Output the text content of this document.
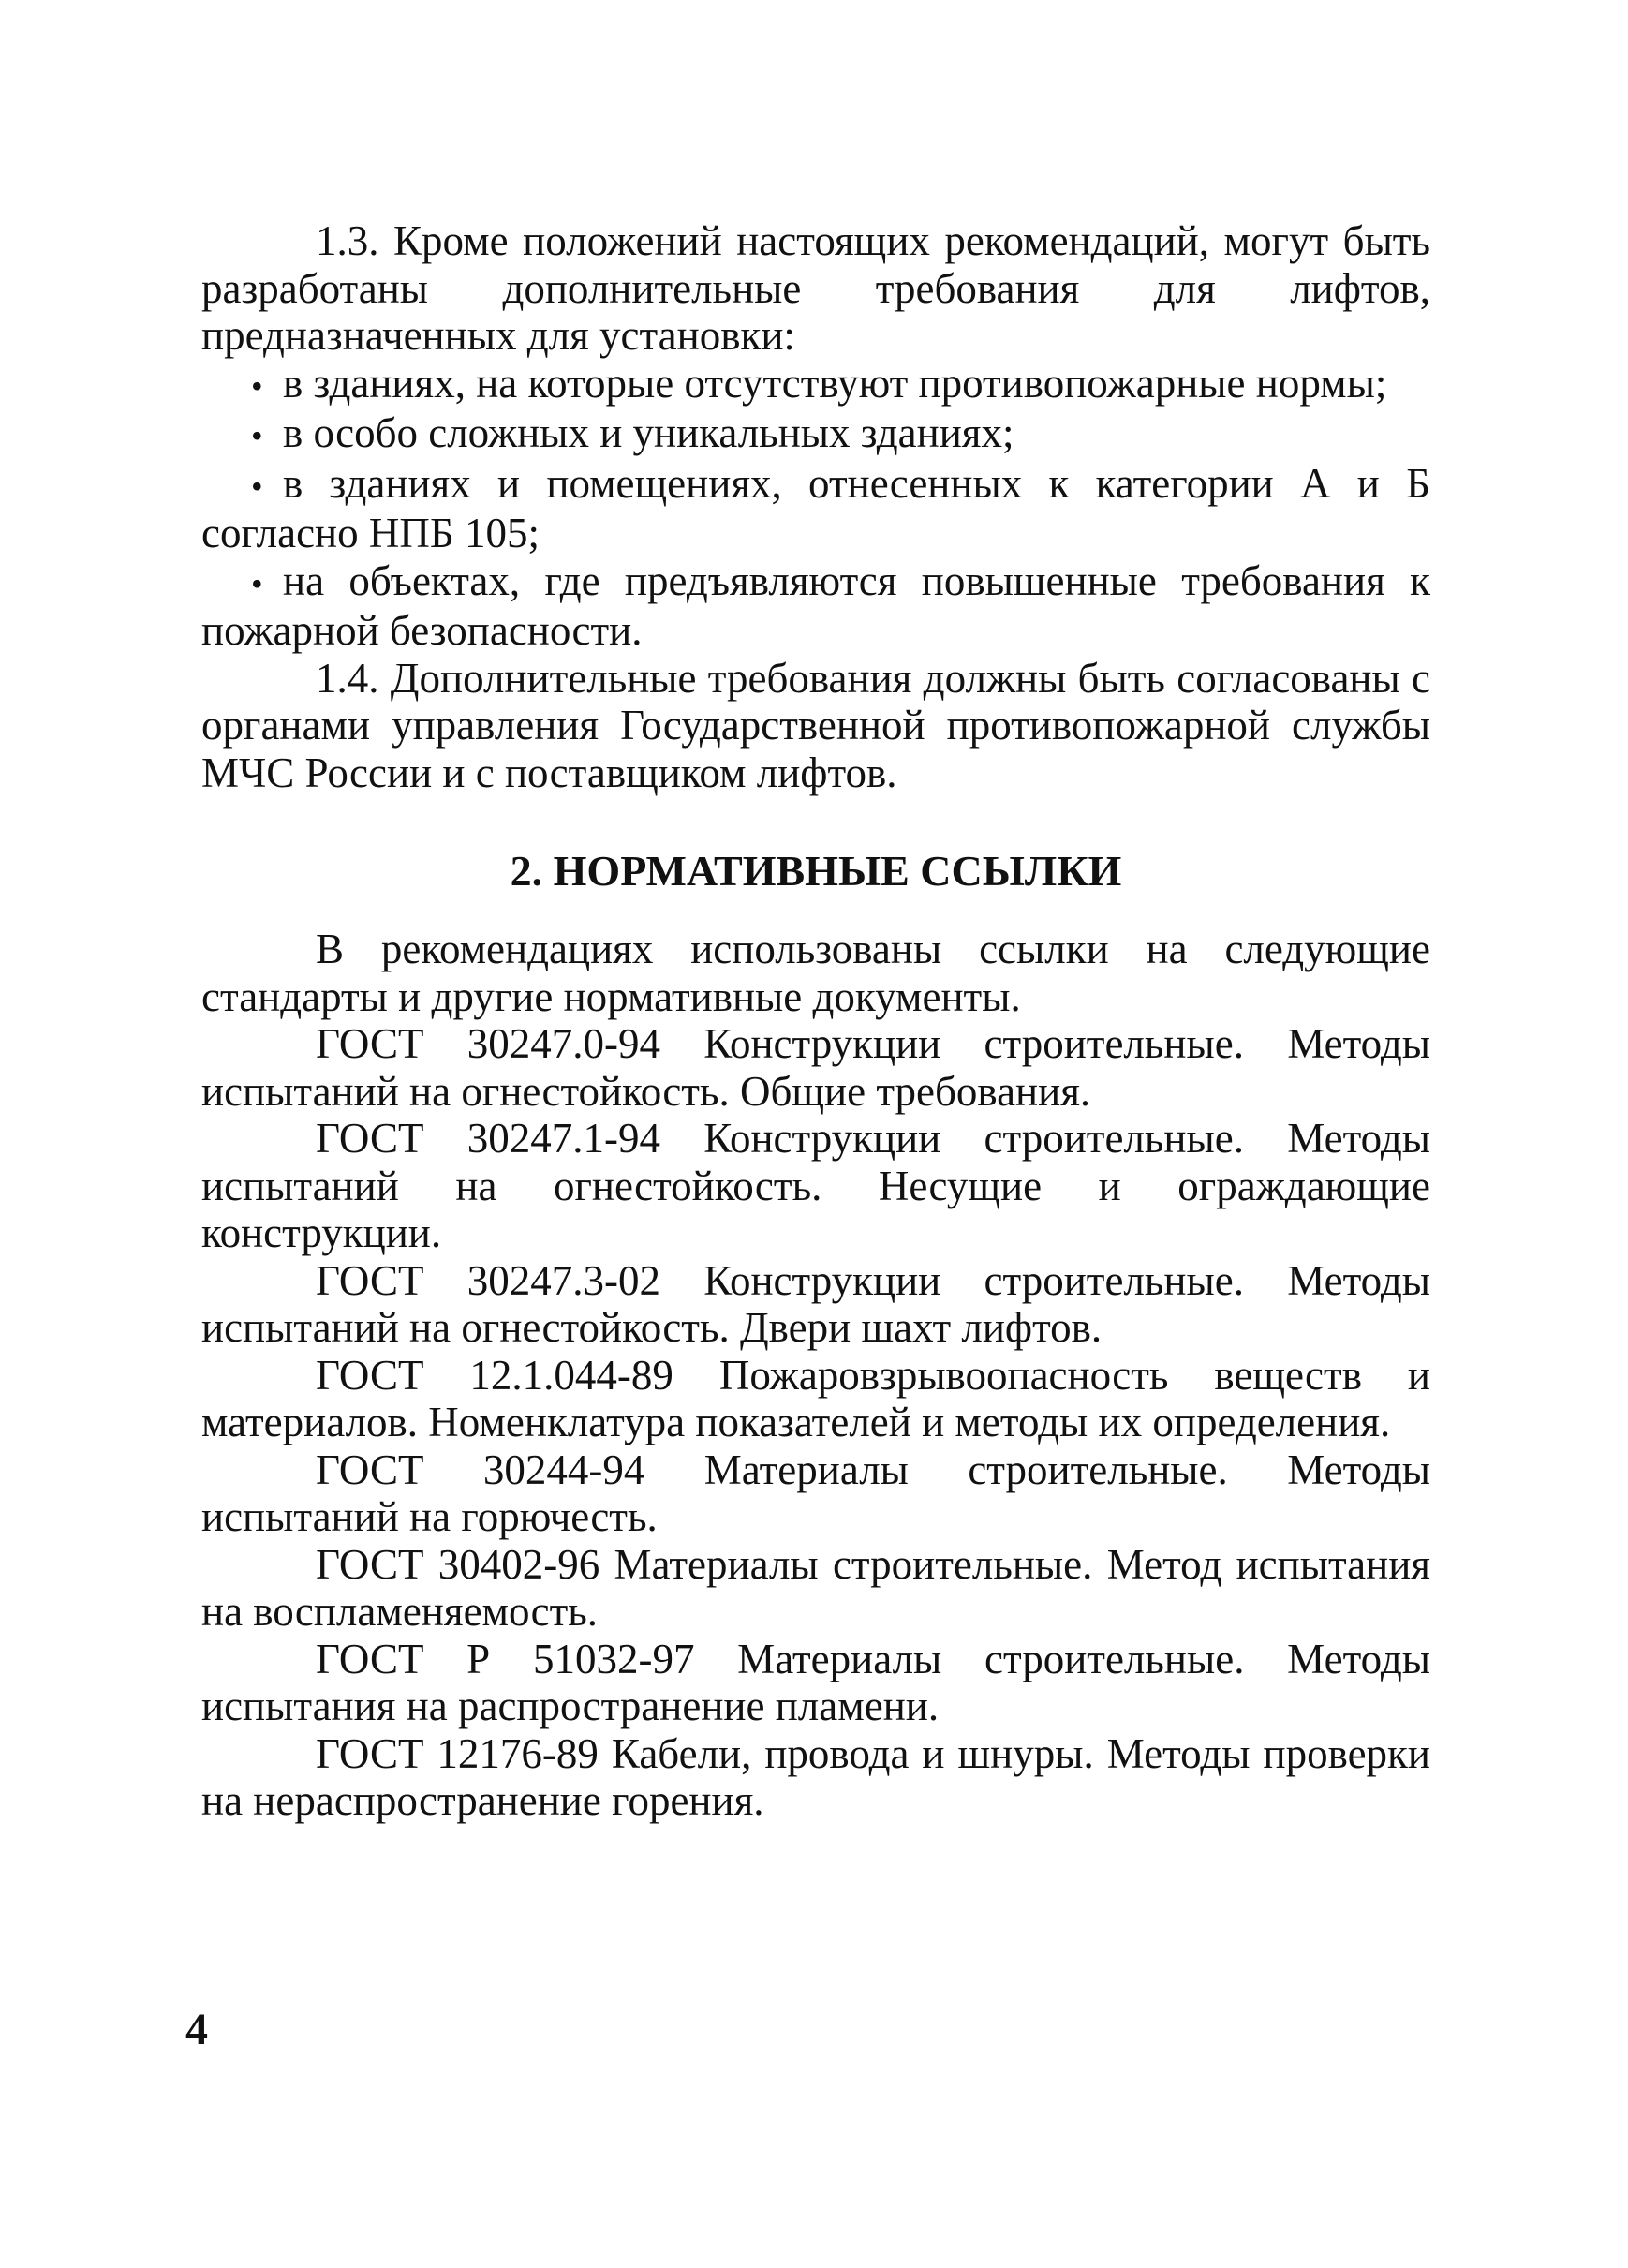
1.3. Кроме положений настоящих рекомендаций, могут быть разработаны дополнительные требования для лифтов, предназначенных для установки:

• в зданиях, на которые отсутствуют противопожарные нормы;

• в особо сложных и уникальных зданиях;

• в зданиях и помещениях, отнесенных к категории А и Б согласно НПБ 105;

• на объектах, где предъявляются повышенные требования к пожарной безопасности.

1.4. Дополнительные требования должны быть согласованы с органами управления Государственной противопожарной службы МЧС России и с поставщиком лифтов.

2. НОРМАТИВНЫЕ ССЫЛКИ

В рекомендациях использованы ссылки на следующие стандарты и другие нормативные документы.

ГОСТ 30247.0-94 Конструкции строительные. Методы испытаний на огнестойкость. Общие требования.

ГОСТ 30247.1-94 Конструкции строительные. Методы испытаний на огнестойкость. Несущие и ограждающие конструкции.

ГОСТ 30247.3-02 Конструкции строительные. Методы испытаний на огнестойкость. Двери шахт лифтов.

ГОСТ 12.1.044-89 Пожаровзрывоопасность веществ и материалов. Номенклатура показателей и методы их определения.

ГОСТ 30244-94 Материалы строительные. Методы испытаний на горючесть.

ГОСТ 30402-96 Материалы строительные. Метод испытания на воспламеняемость.

ГОСТ Р 51032-97 Материалы строительные. Методы испытания на распространение пламени.

ГОСТ 12176-89 Кабели, провода и шнуры. Методы проверки на нераспространение горения.

4
